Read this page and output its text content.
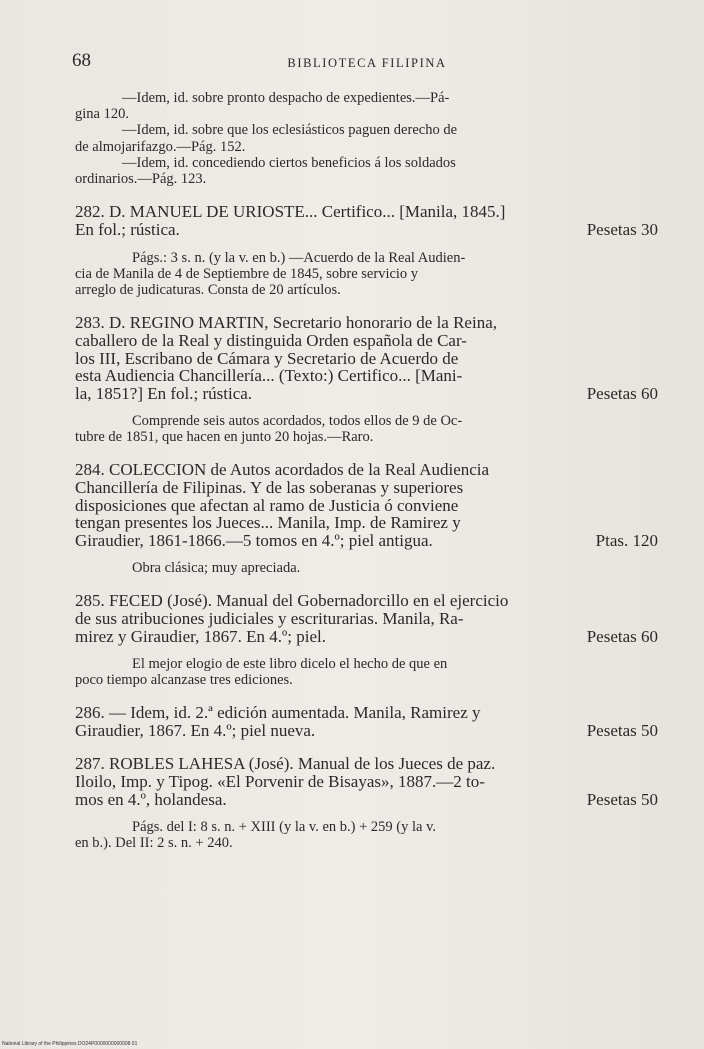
68	BIBLIOTECA FILIPINA
—Idem, id. sobre pronto despacho de expedientes.—Pá-
gina 120.
—Idem, id. sobre que los eclesiásticos paguen derecho de
de almojarifazgo.—Pág. 152.
—Idem, id. concediendo ciertos beneficios á los soldados
ordinarios.—Pág. 123.
282. D. MANUEL DE URIOSTE... Certifico... [Manila, 1845.]
En fol.; rústica.	Pesetas 30
Págs.: 3 s. n. (y la v. en b.) —Acuerdo de la Real Audien-
cia de Manila de 4 de Septiembre de 1845, sobre servicio y
arreglo de judicaturas. Consta de 20 artículos.
283. D. REGINO MARTIN, Secretario honorario de la Reina,
caballero de la Real y distinguida Orden española de Car-
los III, Escribano de Cámara y Secretario de Acuerdo de
esta Audiencia Chancillería... (Texto:) Certifico... [Mani-
la, 1851?] En fol.; rústica.	Pesetas 60
Comprende seis autos acordados, todos ellos de 9 de Oc-
tubre de 1851, que hacen en junto 20 hojas.—Raro.
284. COLECCION de Autos acordados de la Real Audiencia
Chancillería de Filipinas. Y de las soberanas y superiores
disposiciones que afectan al ramo de Justicia ó conviene
tengan presentes los Jueces... Manila, Imp. de Ramirez y
Giraudier, 1861-1866.—5 tomos en 4.º; piel antigua.	Ptas. 120
Obra clásica; muy apreciada.
285. FECED (José). Manual del Gobernadorcillo en el ejercicio
de sus atribuciones judiciales y escriturarias. Manila, Ra-
mirez y Giraudier, 1867. En 4.º; piel.	Pesetas 60
El mejor elogio de este libro dicelo el hecho de que en
poco tiempo alcanzase tres ediciones.
286. — Idem, id. 2.ª edición aumentada. Manila, Ramirez y
Giraudier, 1867. En 4.º; piel nueva.	Pesetas 50
287. ROBLES LAHESA (José). Manual de los Jueces de paz.
Iloilo, Imp. y Tipog. «El Porvenir de Bisayas», 1887.—2 to-
mos en 4.º, holandesa.	Pesetas 50
Págs. del I: 8 s. n. + XIII (y la v. en b.) + 259 (y la v.
en b.). Del II: 2 s. n. + 240.
National Library of the Philippines DO24P0000000000008 01
